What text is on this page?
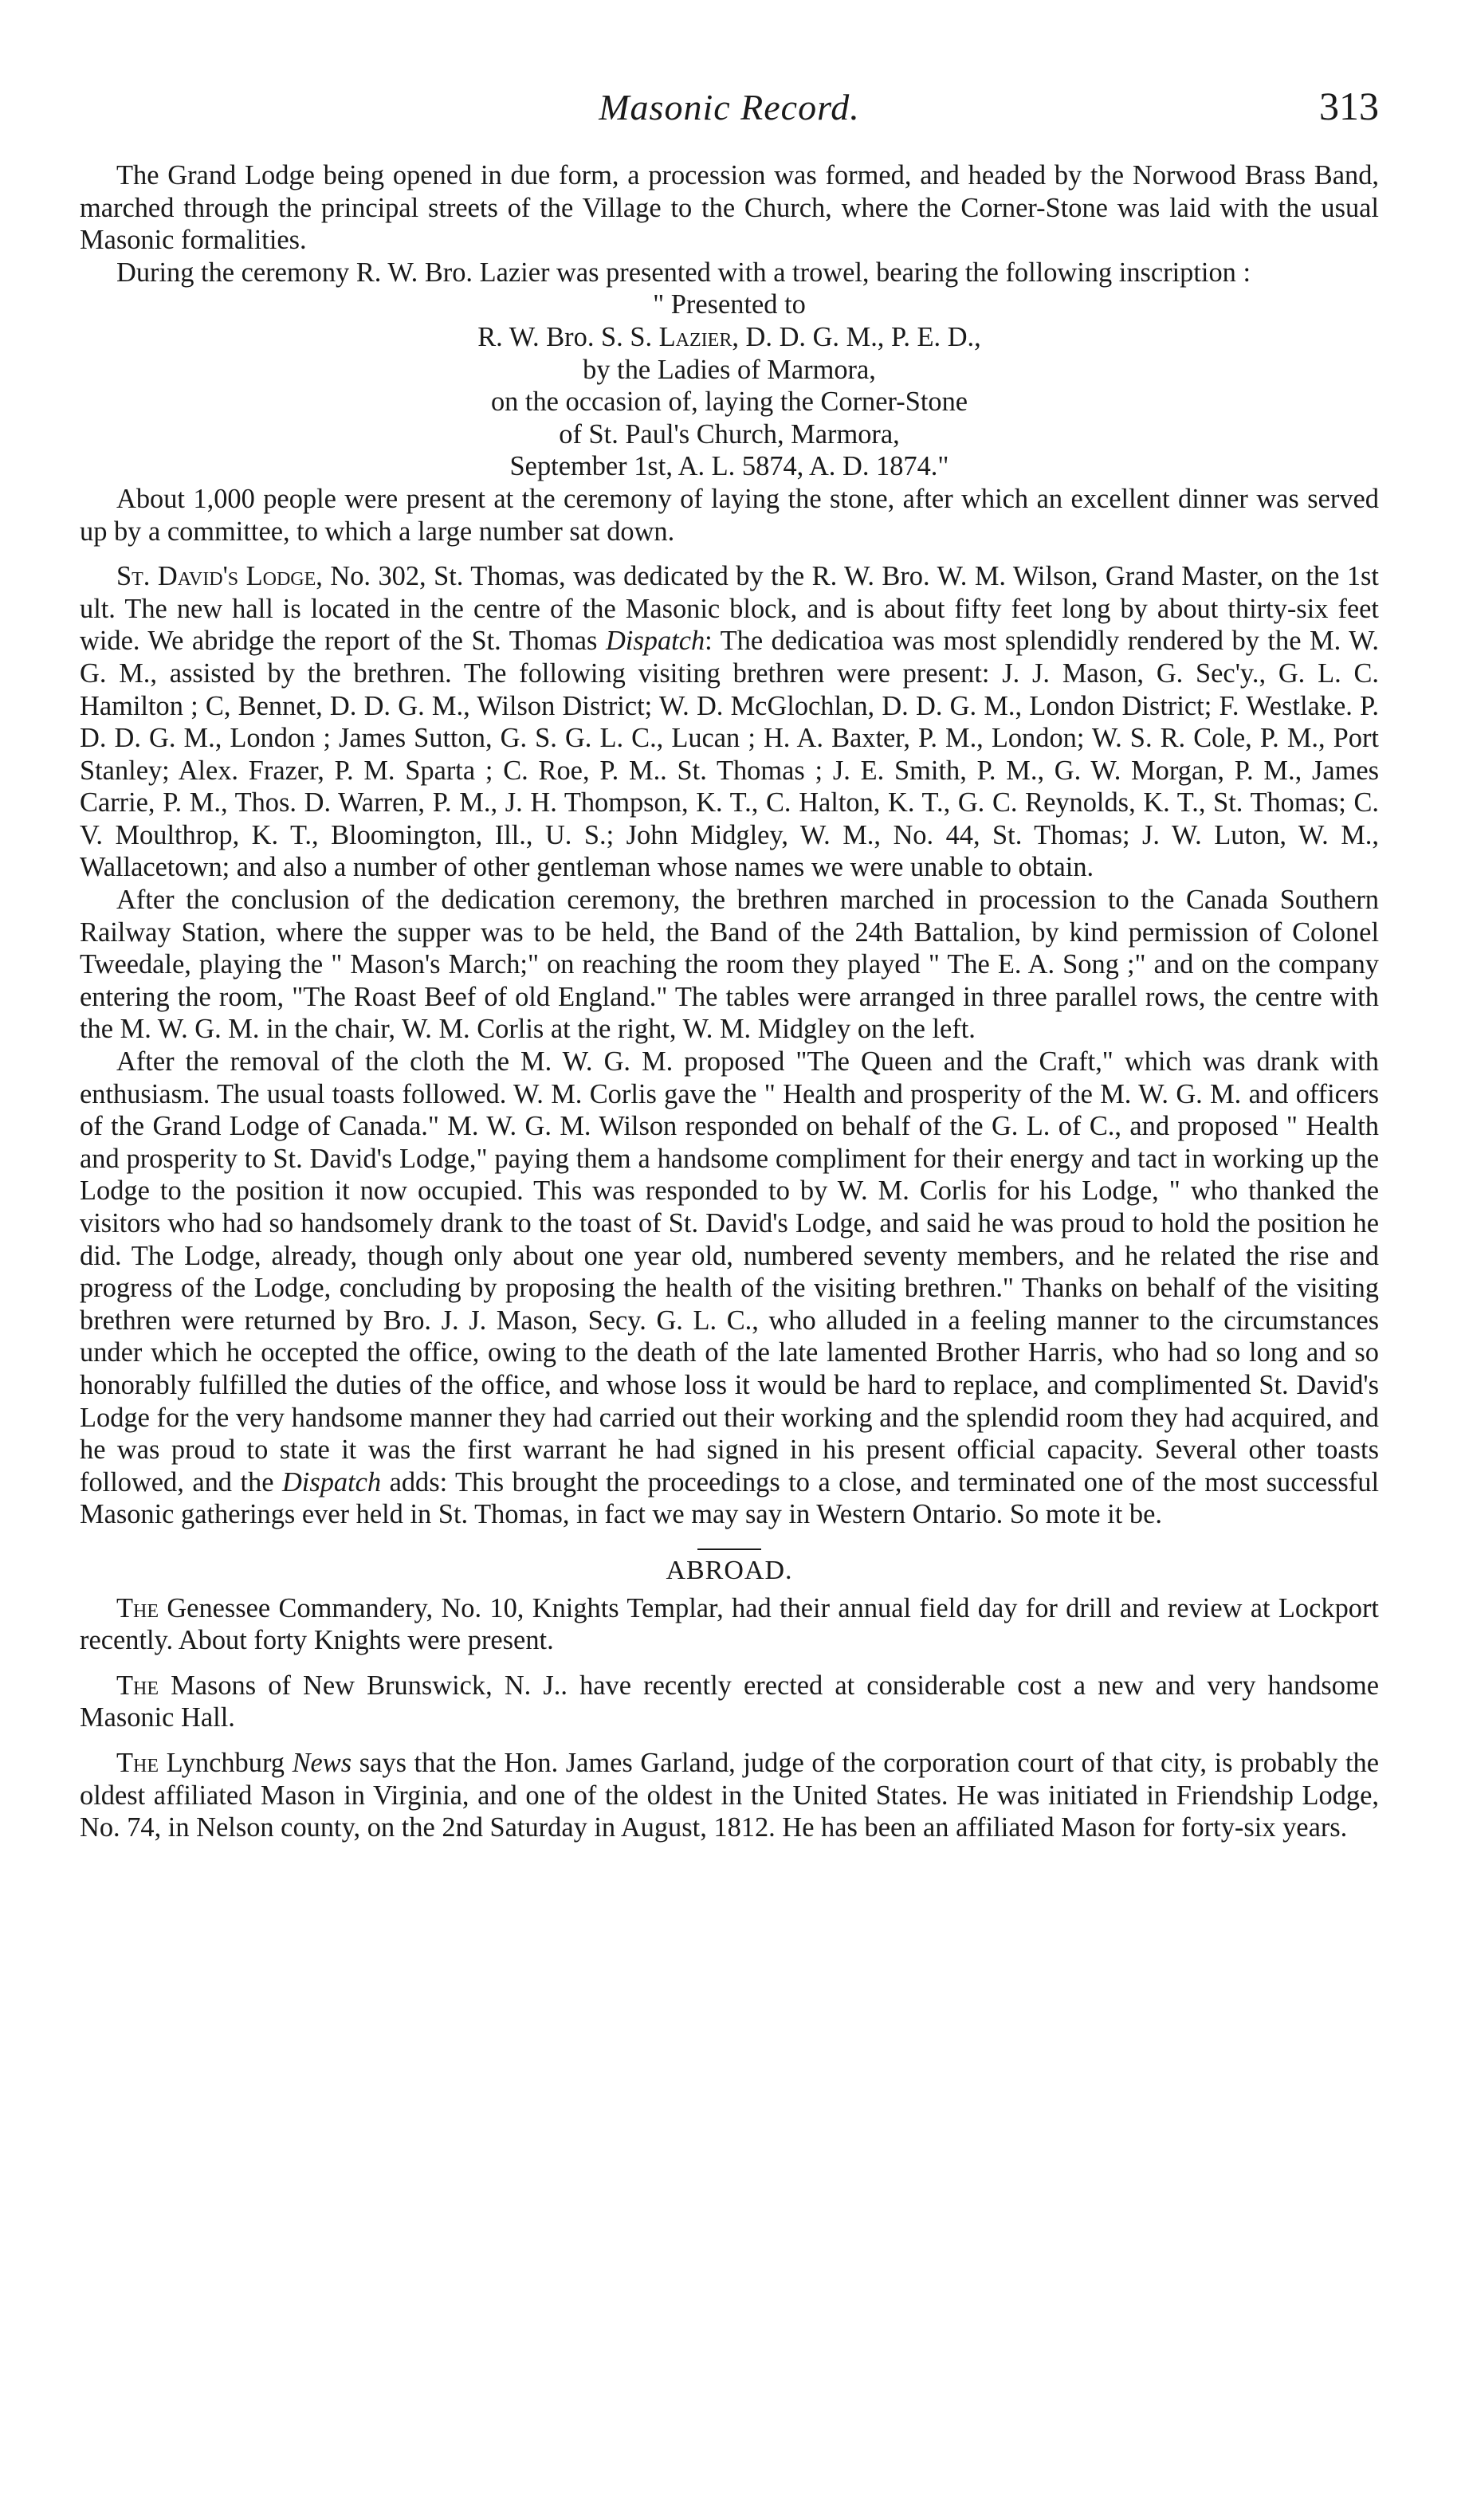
Masonic Record.	313

The Grand Lodge being opened in due form, a procession was formed, and headed by the Norwood Brass Band, marched through the principal streets of the Village to the Church, where the Corner-Stone was laid with the usual Masonic formalities.

During the ceremony R. W. Bro. Lazier was presented with a trowel, bearing the following inscription :

" Presented to
R. W. Bro. S. S. Lazier, D. D. G. M., P. E. D.,
by the Ladies of Marmora,
on the occasion of, laying the Corner-Stone
of St. Paul's Church, Marmora,
September 1st, A. L. 5874, A. D. 1874."

About 1,000 people were present at the ceremony of laying the stone, after which an excellent dinner was served up by a committee, to which a large number sat down.

St. David's Lodge, No. 302, St. Thomas, was dedicated by the R. W. Bro. W. M. Wilson, Grand Master, on the 1st ult. The new hall is located in the centre of the Masonic block, and is about fifty feet long by about thirty-six feet wide. We abridge the report of the St. Thomas Dispatch: The dedicatioa was most splendidly rendered by the M. W. G. M., assisted by the brethren. The following visiting brethren were present: J. J. Mason, G. Sec'y., G. L. C. Hamilton ; C, Bennet, D. D. G. M., Wilson District; W. D. McGlochlan, D. D. G. M., London District; F. Westlake. P. D. D. G. M., London ; James Sutton, G. S. G. L. C., Lucan ; H. A. Baxter, P. M., London; W. S. R. Cole, P. M., Port Stanley; Alex. Frazer, P. M. Sparta ; C. Roe, P. M.. St. Thomas ; J. E. Smith, P. M., G. W. Morgan, P. M., James Carrie, P. M., Thos. D. Warren, P. M., J. H. Thompson, K. T., C. Halton, K. T., G. C. Reynolds, K. T., St. Thomas; C. V. Moulthrop, K. T., Bloomington, Ill., U. S.; John Midgley, W. M., No. 44, St. Thomas; J. W. Luton, W. M., Wallacetown; and also a number of other gentleman whose names we were unable to obtain.

After the conclusion of the dedication ceremony, the brethren marched in procession to the Canada Southern Railway Station, where the supper was to be held, the Band of the 24th Battalion, by kind permission of Colonel Tweedale, playing the " Mason's March;" on reaching the room they played " The E. A. Song ;" and on the company entering the room, "The Roast Beef of old England." The tables were arranged in three parallel rows, the centre with the M. W. G. M. in the chair, W. M. Corlis at the right, W. M. Midgley on the left.

After the removal of the cloth the M. W. G. M. proposed "The Queen and the Craft," which was drank with enthusiasm. The usual toasts followed. W. M. Corlis gave the " Health and prosperity of the M. W. G. M. and officers of the Grand Lodge of Canada." M. W. G. M. Wilson responded on behalf of the G. L. of C., and proposed " Health and prosperity to St. David's Lodge," paying them a handsome compliment for their energy and tact in working up the Lodge to the position it now occupied. This was responded to by W. M. Corlis for his Lodge, " who thanked the visitors who had so handsomely drank to the toast of St. David's Lodge, and said he was proud to hold the position he did. The Lodge, already, though only about one year old, numbered seventy members, and he related the rise and progress of the Lodge, concluding by proposing the health of the visiting brethren." Thanks on behalf of the visiting brethren were returned by Bro. J. J. Mason, Secy. G. L. C., who alluded in a feeling manner to the circumstances under which he occepted the office, owing to the death of the late lamented Brother Harris, who had so long and so honorably fulfilled the duties of the office, and whose loss it would be hard to replace, and complimented St. David's Lodge for the very handsome manner they had carried out their working and the splendid room they had acquired, and he was proud to state it was the first warrant he had signed in his present official capacity. Several other toasts followed, and the Dispatch adds: This brought the proceedings to a close, and terminated one of the most successful Masonic gatherings ever held in St. Thomas, in fact we may say in Western Ontario. So mote it be.

ABROAD.

The Genessee Commandery, No. 10, Knights Templar, had their annual field day for drill and review at Lockport recently. About forty Knights were present.

The Masons of New Brunswick, N. J.. have recently erected at considerable cost a new and very handsome Masonic Hall.

The Lynchburg News says that the Hon. James Garland, judge of the corporation court of that city, is probably the oldest affiliated Mason in Virginia, and one of the oldest in the United States. He was initiated in Friendship Lodge, No. 74, in Nelson county, on the 2nd Saturday in August, 1812. He has been an affiliated Mason for forty-six years.
